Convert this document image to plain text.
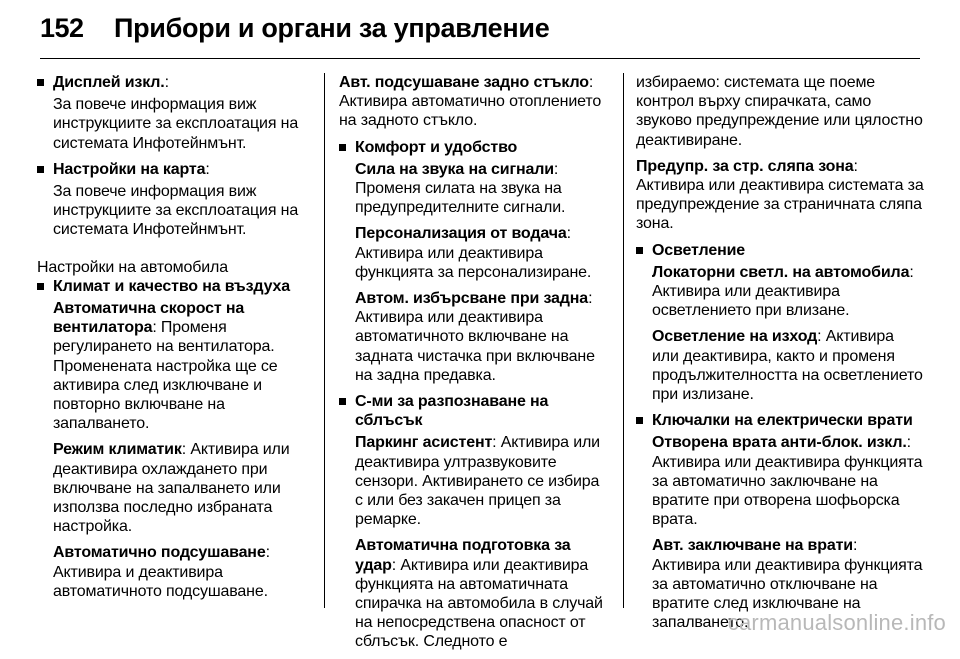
152 Прибори и органи за управление
Дисплей изкл.:
За повече информация виж инструкциите за експлоатация на системата Инфотейнмънт.
Настройки на карта:
За повече информация виж инструкциите за експлоатация на системата Инфотейнмънт.
Настройки на автомобила
Климат и качество на въздуха
Автоматична скорост на вентилатора: Променя регулирането на вентилатора. Променената настройка ще се активира след изключване и повторно включване на запалването.
Режим климатик: Активира или деактивира охлаждането при включване на запалването или използва последно избраната настройка.
Автоматично подсушаване: Активира и деактивира автоматичното подсушаване.
Авт. подсушаване задно стъкло: Активира автоматично отоплението на задното стъкло.
Комфорт и удобство
Сила на звука на сигнали: Променя силата на звука на предупредителните сигнали.
Персонализация от водача: Активира или деактивира функцията за персонализиране.
Автом. избърсване при задна: Активира или деактивира автоматичното включване на задната чистачка при включване на задна предавка.
С-ми за разпознаване на сблъсък
Паркинг асистент: Активира или деактивира ултразвуковите сензори. Активирането се избира с или без закачен прицеп за ремарке.
Автоматична подготовка за удар: Активира или деактивира функцията на автоматичната спирачка на автомобила в случай на непосредствена опасност от сблъсък. Следното е
избираемо: системата ще поеме контрол върху спирачката, само звуково предупреждение или цялостно деактивиране.
Предупр. за стр. сляпа зона: Активира или деактивира системата за предупреждение за страничната сляпа зона.
Осветление
Локаторни светл. на автомобила: Активира или деактивира осветлението при влизане.
Осветление на изход: Активира или деактивира, както и променя продължителността на осветлението при излизане.
Ключалки на електрически врати
Отворена врата анти-блок. изкл.: Активира или деактивира функцията за автоматично заключване на вратите при отворена шофьорска врата.
Авт. заключване на врати: Активира или деактивира функцията за автоматично отключване на вратите след изключване на запалването.
carmanualsonline.info
